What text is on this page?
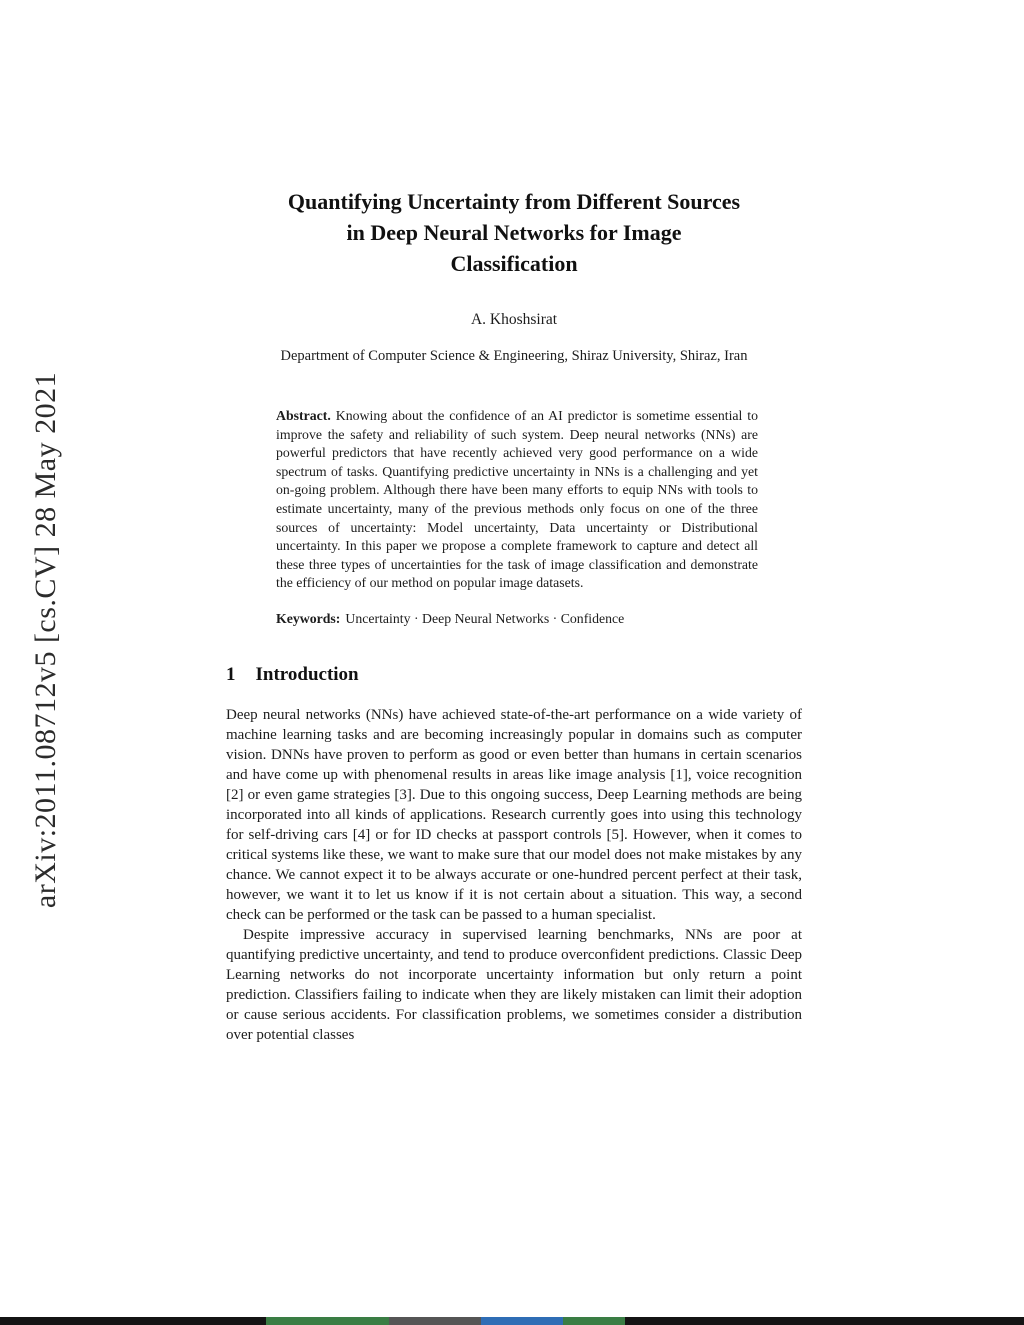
arXiv:2011.08712v5 [cs.CV] 28 May 2021
Quantifying Uncertainty from Different Sources
in Deep Neural Networks for Image
Classification
A. Khoshsirat
Department of Computer Science & Engineering, Shiraz University, Shiraz, Iran

Abstract. Knowing about the confidence of an AI predictor is sometime essential to improve the safety and reliability of such system. Deep neural networks (NNs) are powerful predictors that have recently achieved very good performance on a wide spectrum of tasks. Quantifying predictive uncertainty in NNs is a challenging and yet on-going problem. Although there have been many efforts to equip NNs with tools to estimate uncertainty, many of the previous methods only focus on one of the three sources of uncertainty: Model uncertainty, Data uncertainty or Distributional uncertainty. In this paper we propose a complete framework to capture and detect all these three types of uncertainties for the task of image classification and demonstrate the efficiency of our method on popular image datasets.

Keywords: Uncertainty · Deep Neural Networks · Confidence

1 Introduction

Deep neural networks (NNs) have achieved state-of-the-art performance on a wide variety of machine learning tasks and are becoming increasingly popular in domains such as computer vision. DNNs have proven to perform as good or even better than humans in certain scenarios and have come up with phenomenal results in areas like image analysis [1], voice recognition [2] or even game strategies [3]. Due to this ongoing success, Deep Learning methods are being incorporated into all kinds of applications. Research currently goes into using this technology for self-driving cars [4] or for ID checks at passport controls [5]. However, when it comes to critical systems like these, we want to make sure that our model does not make mistakes by any chance. We cannot expect it to be always accurate or one-hundred percent perfect at their task, however, we want it to let us know if it is not certain about a situation. This way, a second check can be performed or the task can be passed to a human specialist.

Despite impressive accuracy in supervised learning benchmarks, NNs are poor at quantifying predictive uncertainty, and tend to produce overconfident predictions. Classic Deep Learning networks do not incorporate uncertainty information but only return a point prediction. Classifiers failing to indicate when they are likely mistaken can limit their adoption or cause serious accidents. For classification problems, we sometimes consider a distribution over potential classes
